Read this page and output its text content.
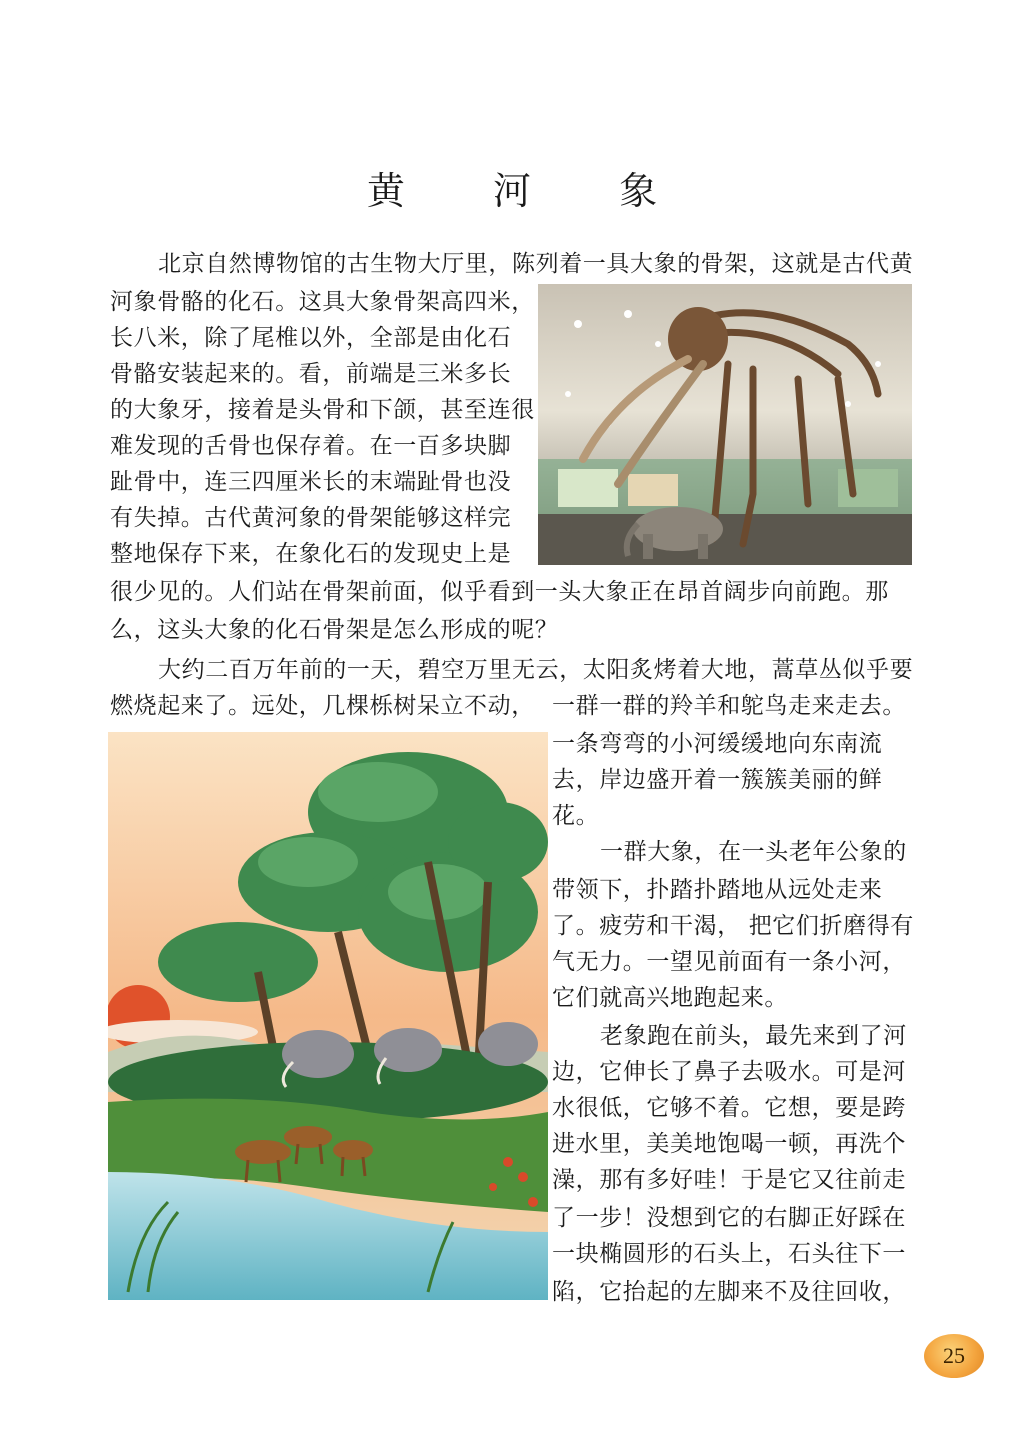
黄 河 象
北京自然博物馆的古生物大厅里，陈列着一具大象的骨架，这就是古代黄
河象骨骼的化石。这具大象骨架高四米，
长八米，除了尾椎以外，全部是由化石
骨骼安装起来的。看，前端是三米多长
的大象牙，接着是头骨和下颌，甚至连很
难发现的舌骨也保存着。在一百多块脚
趾骨中，连三四厘米长的末端趾骨也没
有失掉。古代黄河象的骨架能够这样完
整地保存下来，在象化石的发现史上是
很少见的。人们站在骨架前面，似乎看到一头大象正在昂首阔步向前跑。那
么，这头大象的化石骨架是怎么形成的呢？
大约二百万年前的一天，碧空万里无云，太阳炙烤着大地，蒿草丛似乎要
燃烧起来了。远处，几棵栎树呆立不动， 一群一群的羚羊和鸵鸟走来走去。
一条弯弯的小河缓缓地向东南流
去，岸边盛开着一簇簇美丽的鲜
花。
一群大象，在一头老年公象的
带领下，扑踏扑踏地从远处走来
了。疲劳和干渴， 把它们折磨得有
气无力。一望见前面有一条小河，
它们就高兴地跑起来。
老象跑在前头，最先来到了河
边，它伸长了鼻子去吸水。可是河
水很低，它够不着。它想，要是跨
进水里，美美地饱喝一顿，再洗个
澡，那有多好哇！于是它又往前走
了一步！没想到它的右脚正好踩在
一块椭圆形的石头上，石头往下一
陷，它抬起的左脚来不及往回收，
25
